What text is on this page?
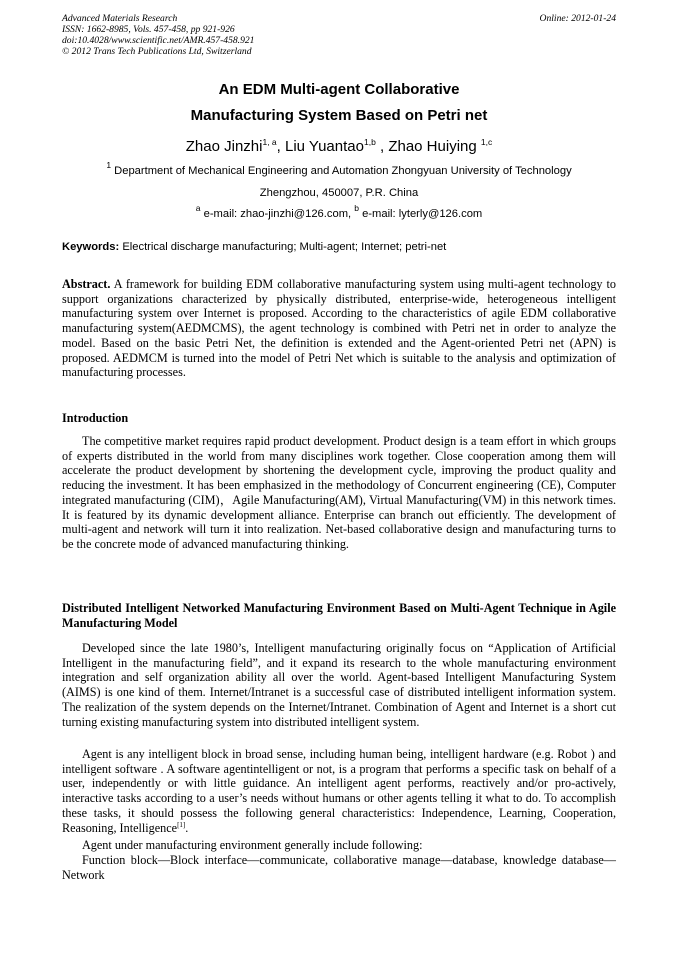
Advanced Materials Research
ISSN: 1662-8985, Vols. 457-458, pp 921-926
doi:10.4028/www.scientific.net/AMR.457-458.921
© 2012 Trans Tech Publications Ltd, Switzerland
Online: 2012-01-24
An EDM Multi-agent Collaborative
Manufacturing System Based on Petri net
Zhao Jinzhi$^{1, a}$, Liu Yuantao$^{1,b}$ , Zhao Huiying $^{1,c}$
$^1$ Department of Mechanical Engineering and Automation Zhongyuan University of Technology
Zhengzhou, 450007, P.R. China
$^a$ e-mail: zhao-jinzhi@126.com, $^b$ e-mail: lyterly@126.com
Keywords: Electrical discharge manufacturing; Multi-agent; Internet; petri-net
Abstract. A framework for building EDM collaborative manufacturing system using multi-agent technology to support organizations characterized by physically distributed, enterprise-wide, heterogeneous intelligent manufacturing system over Internet is proposed. According to the characteristics of agile EDM collaborative manufacturing system(AEDMCMS), the agent technology is combined with Petri net in order to analyze the model. Based on the basic Petri Net, the definition is extended and the Agent-oriented Petri net (APN) is proposed. AEDMCM is turned into the model of Petri Net which is suitable to the analysis and optimization of manufacturing processes.
Introduction
The competitive market requires rapid product development. Product design is a team effort in which groups of experts distributed in the world from many disciplines work together. Close cooperation among them will accelerate the product development by shortening the development cycle, improving the product quality and reducing the investment. It has been emphasized in the methodology of Concurrent engineering (CE), Computer integrated manufacturing (CIM)，Agile Manufacturing(AM), Virtual Manufacturing(VM) in this network times. It is featured by its dynamic development alliance. Enterprise can branch out efficiently. The development of multi-agent and network will turn it into realization. Net-based collaborative design and manufacturing turns to be the concrete mode of advanced manufacturing thinking.
Distributed Intelligent Networked Manufacturing Environment Based on Multi-Agent Technique in Agile Manufacturing Model
Developed since the late 1980’s, Intelligent manufacturing originally focus on “Application of Artificial Intelligent in the manufacturing field”, and it expand its research to the whole manufacturing environment integration and self organization ability all over the world. Agent-based Intelligent Manufacturing System (AIMS) is one kind of them. Internet/Intranet is a successful case of distributed intelligent information system. The realization of the system depends on the Internet/Intranet. Combination of Agent and Internet is a short cut turning existing manufacturing system into distributed intelligent system.
Agent is any intelligent block in broad sense, including human being, intelligent hardware (e.g. Robot ) and intelligent software . A software agentintelligent or not, is a program that performs a specific task on behalf of a user, independently or with little guidance. An intelligent agent performs, reactively and/or pro-actively, interactive tasks according to a user’s needs without humans or other agents telling it what to do. To accomplish these tasks, it should possess the following general characteristics: Independence, Learning, Cooperation, Reasoning, Intelligence[1].
Agent under manufacturing environment generally include following:
Function block—Block interface—communicate, collaborative manage—database, knowledge database—Network
